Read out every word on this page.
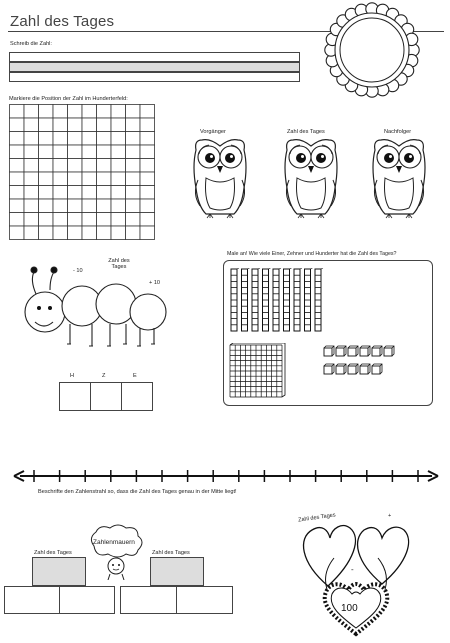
Zahl des Tages
Schreib die Zahl:
Markiere die Position der Zahl im Hunderterfeld:
Vorgänger	Zahl des Tages	Nachfolger
- 10
Zahl des Tages
+ 10
H	Z	E
Male an! Wie viele Einer, Zehner und Hunderter hat die Zahl des Tages?
Beschrifte den Zahlenstrahl so, dass die Zahl des Tages genau in der Mitte liegt!
Zahl des Tages	Zahl des Tages
Zahlenmauern
Zahl des Tages	+
-
100
